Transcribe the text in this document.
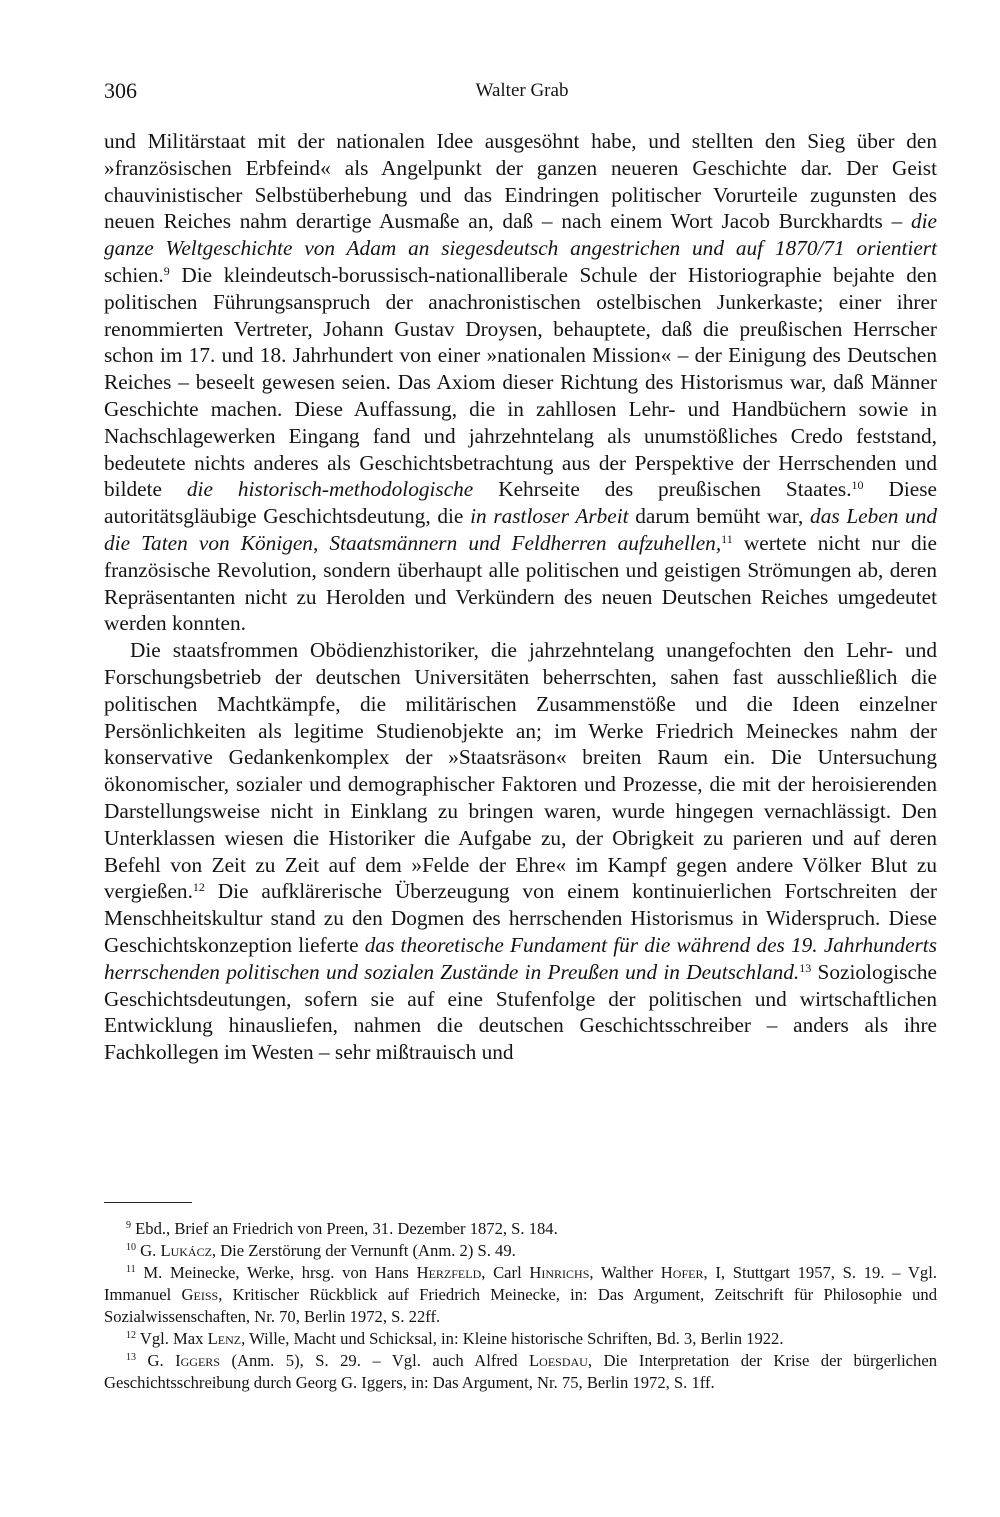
306	Walter Grab

und Militärstaat mit der nationalen Idee ausgesöhnt habe, und stellten den Sieg über den »französischen Erbfeind« als Angelpunkt der ganzen neueren Geschichte dar. Der Geist chauvinistischer Selbstüberhebung und das Eindringen politischer Vorurteile zugunsten des neuen Reiches nahm derartige Ausmaße an, daß – nach einem Wort Jacob Burckhardts – die ganze Weltgeschichte von Adam an siegesdeutsch angestrichen und auf 1870/71 orientiert schien.$^9$ Die kleindeutsch-borussisch-nationalliberale Schule der Historiographie bejahte den politischen Führungsanspruch der anachronistischen ostelbischen Junkerkaste; einer ihrer renommierten Vertreter, Johann Gustav Droysen, behauptete, daß die preußischen Herrscher schon im 17. und 18. Jahrhundert von einer »nationalen Mission« – der Einigung des Deutschen Reiches – beseelt gewesen seien. Das Axiom dieser Richtung des Historismus war, daß Männer Geschichte machen. Diese Auffassung, die in zahllosen Lehr- und Handbüchern sowie in Nachschlagewerken Eingang fand und jahrzehntelang als unumstößliches Credo feststand, bedeutete nichts anderes als Geschichtsbetrachtung aus der Perspektive der Herrschenden und bildete die historisch-methodologische Kehrseite des preußischen Staates.$^{10}$ Diese autoritätsgläubige Geschichtsdeutung, die in rastloser Arbeit darum bemüht war, das Leben und die Taten von Königen, Staatsmännern und Feldherren aufzuhellen,$^{11}$ wertete nicht nur die französische Revolution, sondern überhaupt alle politischen und geistigen Strömungen ab, deren Repräsentanten nicht zu Herolden und Verkündern des neuen Deutschen Reiches umgedeutet werden konnten.

Die staatsfrommen Obödienzhistoriker, die jahrzehntelang unangefochten den Lehr- und Forschungsbetrieb der deutschen Universitäten beherrschten, sahen fast ausschließlich die politischen Machtkämpfe, die militärischen Zusammenstöße und die Ideen einzelner Persönlichkeiten als legitime Studienobjekte an; im Werke Friedrich Meineckes nahm der konservative Gedankenkomplex der »Staatsräson« breiten Raum ein. Die Untersuchung ökonomischer, sozialer und demographischer Faktoren und Prozesse, die mit der heroisierenden Darstellungsweise nicht in Einklang zu bringen waren, wurde hingegen vernachlässigt. Den Unterklassen wiesen die Historiker die Aufgabe zu, der Obrigkeit zu parieren und auf deren Befehl von Zeit zu Zeit auf dem »Felde der Ehre« im Kampf gegen andere Völker Blut zu vergießen.$^{12}$ Die aufklärerische Überzeugung von einem kontinuierlichen Fortschreiten der Menschheitskultur stand zu den Dogmen des herrschenden Historismus in Widerspruch. Diese Geschichtskonzeption lieferte das theoretische Fundament für die während des 19. Jahrhunderts herrschenden politischen und sozialen Zustände in Preußen und in Deutschland.$^{13}$ Soziologische Geschichtsdeutungen, sofern sie auf eine Stufenfolge der politischen und wirtschaftlichen Entwicklung hinausliefen, nahmen die deutschen Geschichtsschreiber – anders als ihre Fachkollegen im Westen – sehr mißtrauisch und

$^9$ Ebd., Brief an Friedrich von Preen, 31. Dezember 1872, S. 184.

$^{10}$ G. Lukácz, Die Zerstörung der Vernunft (Anm. 2) S. 49.

$^{11}$ M. Meinecke, Werke, hrsg. von Hans Herzfeld, Carl Hinrichs, Walther Hofer, I, Stuttgart 1957, S. 19. – Vgl. Immanuel Geiss, Kritischer Rückblick auf Friedrich Meinecke, in: Das Argument, Zeitschrift für Philosophie und Sozialwissenschaften, Nr. 70, Berlin 1972, S. 22ff.

$^{12}$ Vgl. Max Lenz, Wille, Macht und Schicksal, in: Kleine historische Schriften, Bd. 3, Berlin 1922.

$^{13}$ G. Iggers (Anm. 5), S. 29. – Vgl. auch Alfred Loesdau, Die Interpretation der Krise der bürgerlichen Geschichtsschreibung durch Georg G. Iggers, in: Das Argument, Nr. 75, Berlin 1972, S. 1ff.
